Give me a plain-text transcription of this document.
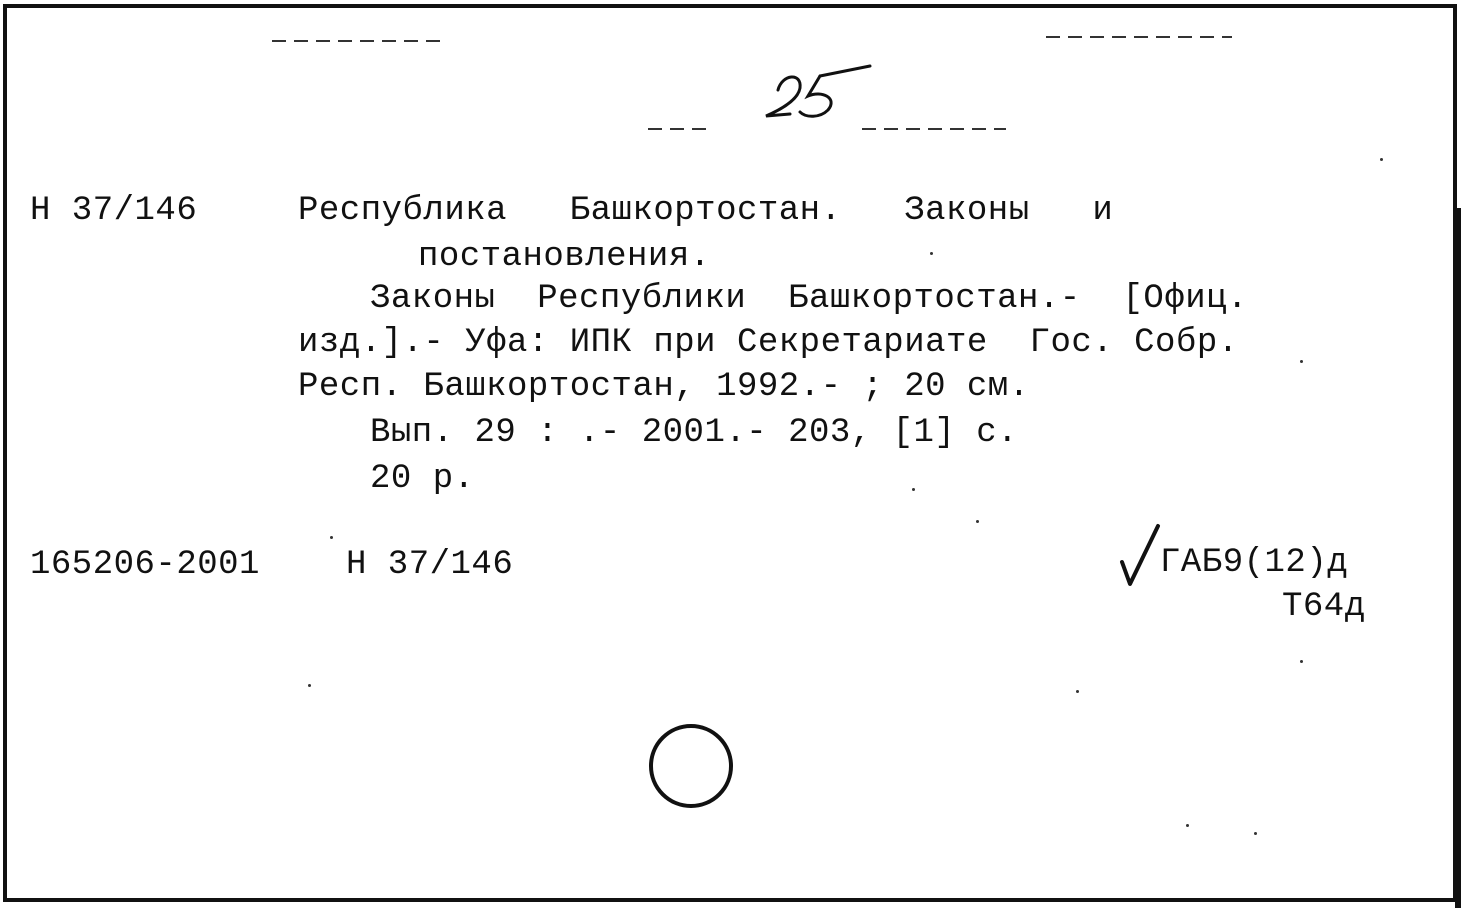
25
Н 37/146	Республика   Башкортостан.   Законы   и
постановления.
Законы  Республики  Башкортостан.-  [Офиц.
изд.].- Уфа: ИПК при Секретариате  Гос. Собр.
Респ. Башкортостан, 1992.- ; 20 см.
Вып. 29 : .- 2001.- 203, [1] с.
20 р.
165206-2001	Н 37/146	ГАБ9(12)д
Т64д
